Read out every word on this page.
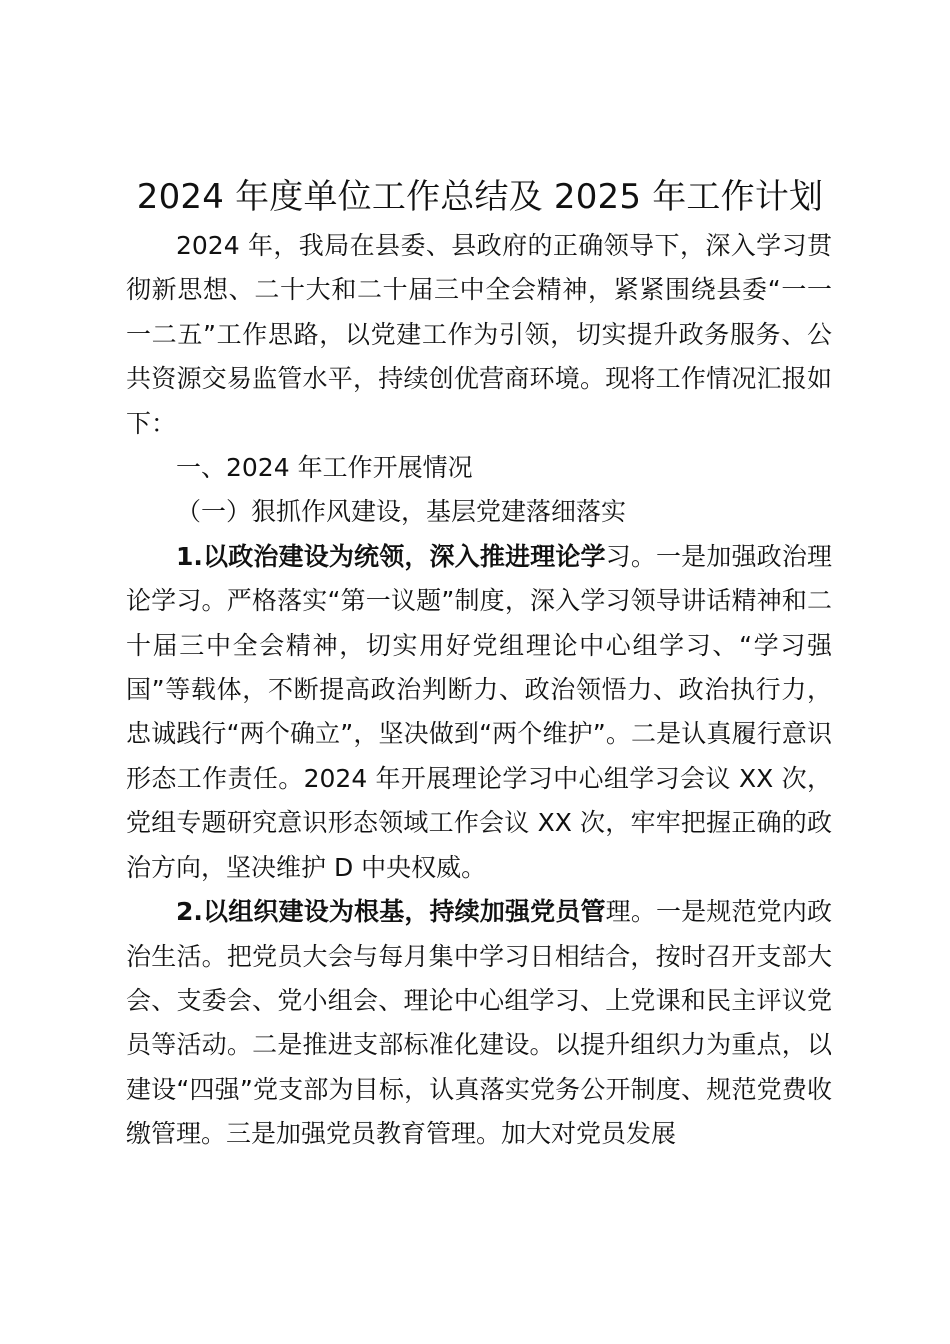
2024 年度单位工作总结及 2025 年工作计划

2024 年，我局在县委、县政府的正确领导下，深入学习贯彻新思想、二十大和二十届三中全会精神，紧紧围绕县委“一一一二五”工作思路，以党建工作为引领，切实提升政务服务、公共资源交易监管水平，持续创优营商环境。现将工作情况汇报如下：

一、2024 年工作开展情况

（一）狠抓作风建设，基层党建落细落实

1.以政治建设为统领，深入推进理论学习。一是加强政治理论学习。严格落实“第一议题”制度，深入学习领导讲话精神和二十届三中全会精神，切实用好党组理论中心组学习、“学习强国”等载体，不断提高政治判断力、政治领悟力、政治执行力，忠诚践行“两个确立”，坚决做到“两个维护”。二是认真履行意识形态工作责任。2024 年开展理论学习中心组学习会议 XX 次，党组专题研究意识形态领域工作会议 XX 次，牢牢把握正确的政治方向，坚决维护 D 中央权威。

2.以组织建设为根基，持续加强党员管理。一是规范党内政治生活。把党员大会与每月集中学习日相结合，按时召开支部大会、支委会、党小组会、理论中心组学习、上党课和民主评议党员等活动。二是推进支部标准化建设。以提升组织力为重点，以建设“四强”党支部为目标，认真落实党务公开制度、规范党费收缴管理。三是加强党员教育管理。加大对党员发展
